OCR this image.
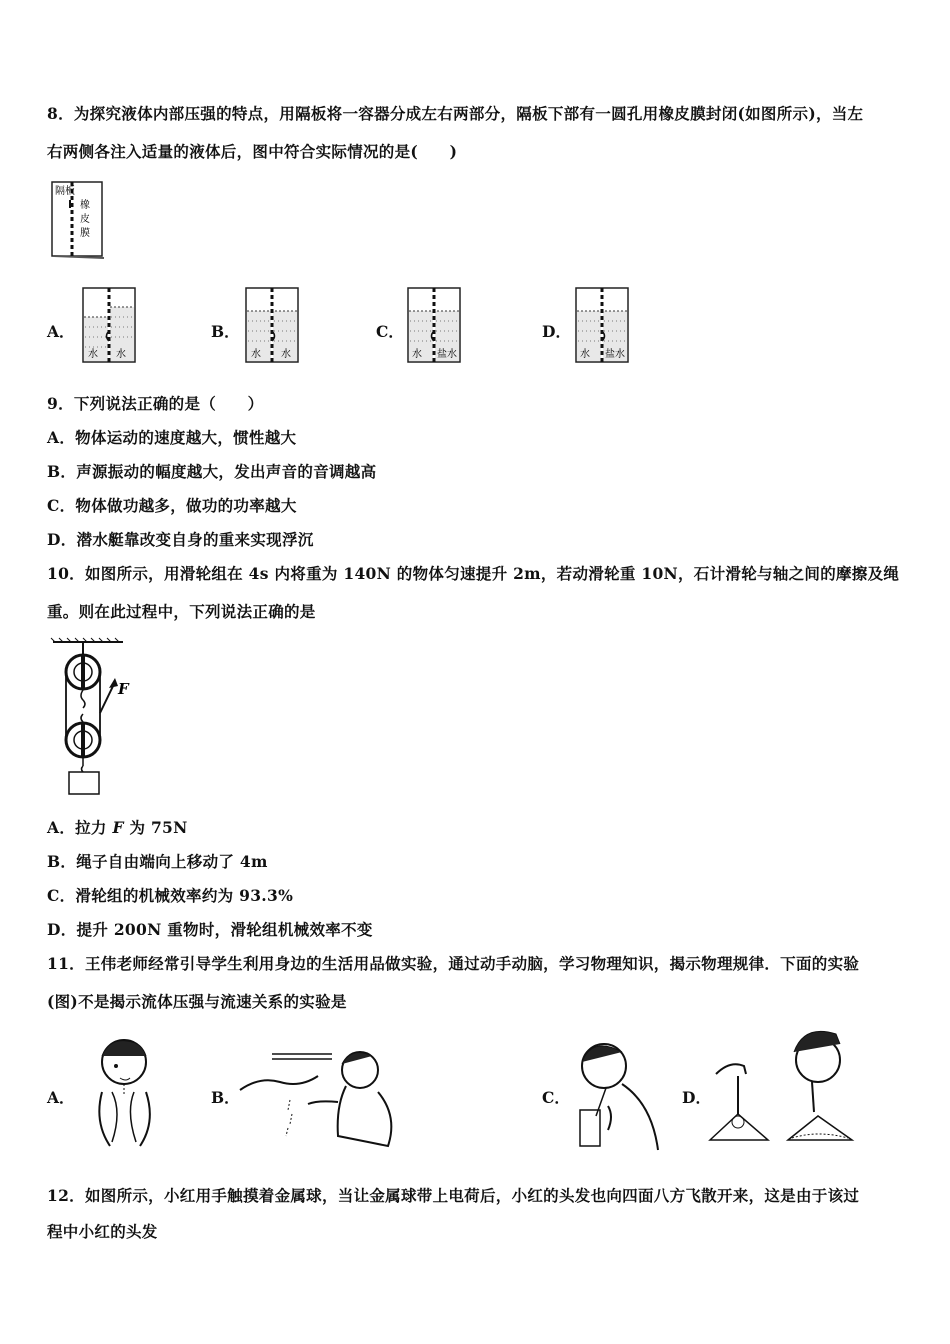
8．为探究液体内部压强的特点，用隔板将一容器分成左右两部分，隔板下部有一圆孔用橡皮膜封闭(如图所示)，当左
右两侧各注入适量的液体后，图中符合实际情况的是(　　)
隔板
橡
皮
膜
A．
水 水
B．
水 水
C．
水 盐水
D．
水 盐水
9．下列说法正确的是（　　）
A．物体运动的速度越大，惯性越大
B．声源振动的幅度越大，发出声音的音调越高
C．物体做功越多，做功的功率越大
D．潜水艇靠改变自身的重来实现浮沉
10．如图所示，用滑轮组在 4s 内将重为 140N 的物体匀速提升 2m，若动滑轮重 10N，石计滑轮与轴之间的摩擦及绳
重。则在此过程中，下列说法正确的是
F
A．拉力 F 为 75N
B．绳子自由端向上移动了 4m
C．滑轮组的机械效率约为 93.3%
D．提升 200N 重物时，滑轮组机械效率不变
11．王伟老师经常引导学生利用身边的生活用品做实验，通过动手动脑，学习物理知识，揭示物理规律．下面的实验
(图)不是揭示流体压强与流速关系的实验是
A．	B．	C．	D．
12．如图所示，小红用手触摸着金属球，当让金属球带上电荷后，小红的头发也向四面八方飞散开来，这是由于该过
程中小红的头发
